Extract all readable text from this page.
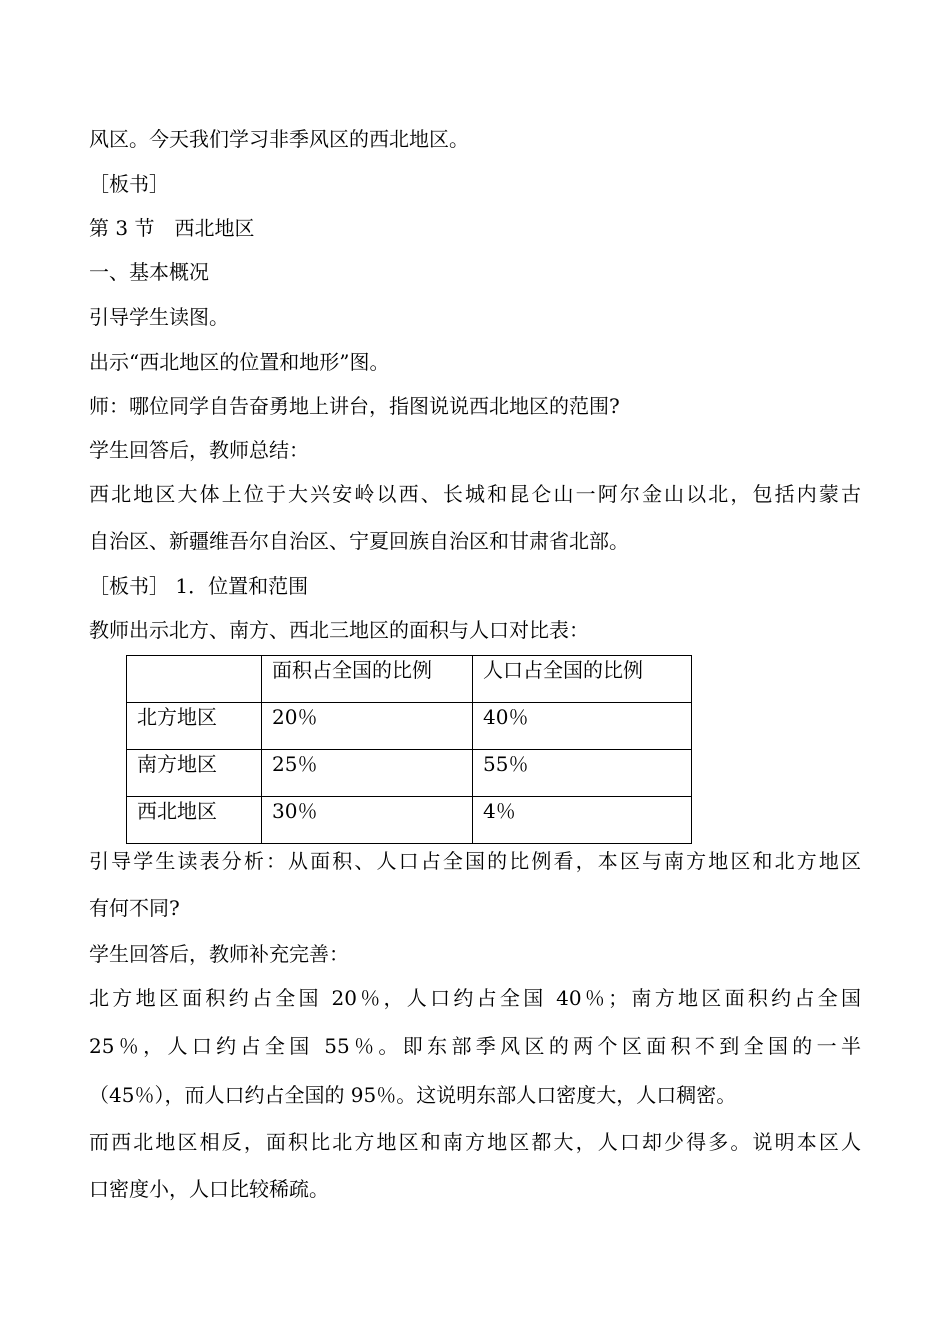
风区。今天我们学习非季风区的西北地区。
［板书］
第 3 节　西北地区
一、基本概况
引导学生读图。
出示“西北地区的位置和地形”图。
师：哪位同学自告奋勇地上讲台，指图说说西北地区的范围?
学生回答后，教师总结：
西北地区大体上位于大兴安岭以西、长城和昆仑山一阿尔金山以北，包括内蒙古
自治区、新疆维吾尔自治区、宁夏回族自治区和甘肃省北部。
［板书］ 1．位置和范围
教师出示北方、南方、西北三地区的面积与人口对比表：
	面积占全国的比例	人口占全国的比例
北方地区	20％	40％
南方地区	25％	55％
西北地区	30％	4％
引导学生读表分析：从面积、人口占全国的比例看，本区与南方地区和北方地区
有何不同?
学生回答后，教师补充完善：
北方地区面积约占全国 20％，人口约占全国 40％；南方地区面积约占全国
25％，人口约占全国 55％。即东部季风区的两个区面积不到全国的一半
（45％），而人口约占全国的 95％。这说明东部人口密度大，人口稠密。
而西北地区相反，面积比北方地区和南方地区都大，人口却少得多。说明本区人
口密度小，人口比较稀疏。
